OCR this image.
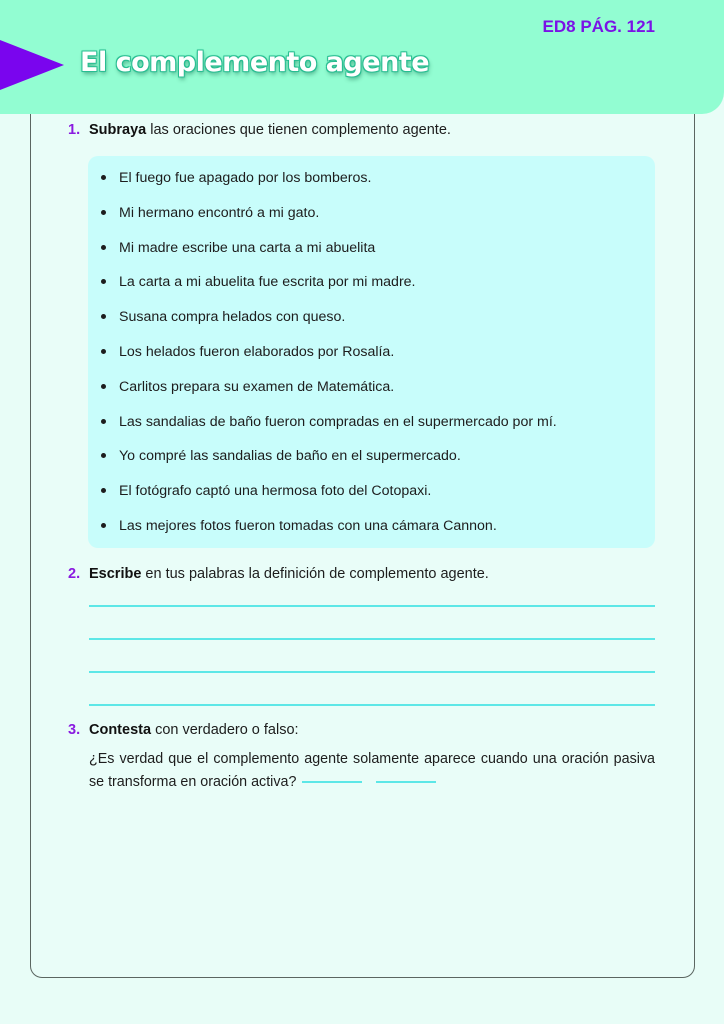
El complemento agente
ED8 PÁG. 121
1. Subraya las oraciones que tienen complemento agente.
El fuego fue apagado por los bomberos.
Mi hermano encontró a mi gato.
Mi madre escribe una carta a mi abuelita
La carta a mi abuelita fue escrita por mi madre.
Susana compra helados con queso.
Los helados fueron elaborados por Rosalía.
Carlitos prepara su examen de Matemática.
Las sandalias de baño fueron compradas en el supermercado por mí.
Yo compré las sandalias de baño en el supermercado.
El fotógrafo captó una hermosa foto del Cotopaxi.
Las mejores fotos fueron tomadas con una cámara Cannon.
2. Escribe en tus palabras la definición de complemento agente.
3. Contesta con verdadero o falso:
¿Es verdad que el complemento agente solamente aparece cuando una oración pasiva se transforma en oración activa?
